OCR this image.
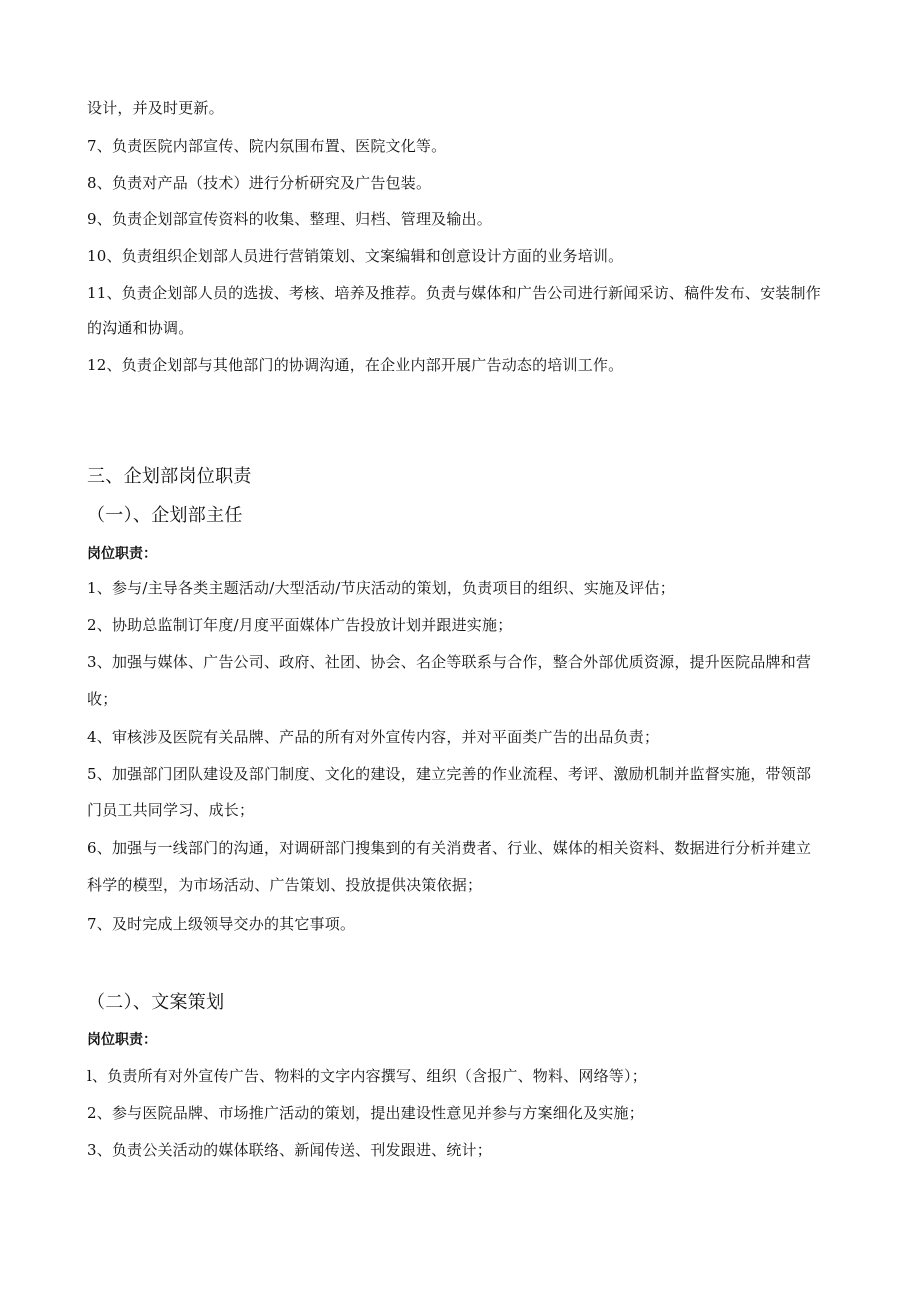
设计，并及时更新。
7、负责医院内部宣传、院内氛围布置、医院文化等。
8、负责对产品（技术）进行分析研究及广告包装。
9、负责企划部宣传资料的收集、整理、归档、管理及输出。
10、负责组织企划部人员进行营销策划、文案编辑和创意设计方面的业务培训。
11、负责企划部人员的选拔、考核、培养及推荐。负责与媒体和广告公司进行新闻采访、稿件发布、安装制作
的沟通和协调。
12、负责企划部与其他部门的协调沟通，在企业内部开展广告动态的培训工作。
三、企划部岗位职责
（一）、企划部主任
岗位职责：
1、参与/主导各类主题活动/大型活动/节庆活动的策划，负责项目的组织、实施及评估；
2、协助总监制订年度/月度平面媒体广告投放计划并跟进实施；
3、加强与媒体、广告公司、政府、社团、协会、名企等联系与合作，整合外部优质资源，提升医院品牌和营
收；
4、审核涉及医院有关品牌、产品的所有对外宣传内容，并对平面类广告的出品负责；
5、加强部门团队建设及部门制度、文化的建设，建立完善的作业流程、考评、激励机制并监督实施，带领部
门员工共同学习、成长；
6、加强与一线部门的沟通，对调研部门搜集到的有关消费者、行业、媒体的相关资料、数据进行分析并建立
科学的模型，为市场活动、广告策划、投放提供决策依据；
7、及时完成上级领导交办的其它事项。
（二）、文案策划
岗位职责：
l、负责所有对外宣传广告、物料的文字内容撰写、组织（含报广、物料、网络等）；
2、参与医院品牌、市场推广活动的策划，提出建设性意见并参与方案细化及实施；
3、负责公关活动的媒体联络、新闻传送、刊发跟进、统计；
